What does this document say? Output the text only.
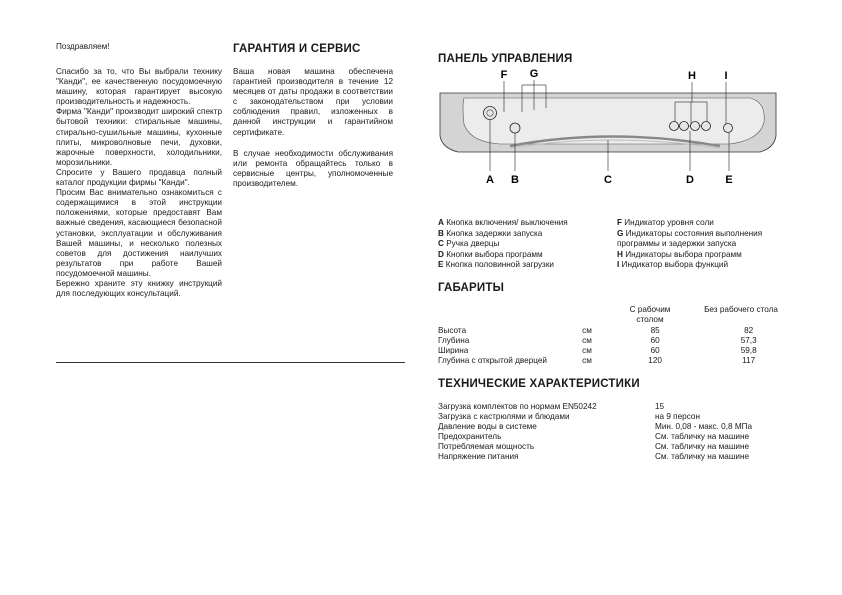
Поздравляем!

Спасибо за то, что Вы выбрали технику "Канди", ее качественную посудомоечную машину, которая гарантирует высокую производительность и надежность.

Фирма "Канди" производит широкий спектр бытовой техники: стиральные машины, стирально-сушильные машины, кухонные плиты, микроволновые печи, духовки, жарочные поверхности, холодильники, морозильники.

Спросите у Вашего продавца полный каталог продукции фирмы "Канди".

Просим Вас внимательно ознакомиться с содержащимися в этой инструкции положениями, которые предоставят Вам важные сведения, касающиеся безопасной установки, эксплуатации и обслуживания Вашей машины, и несколько полезных советов для достижения наилучших результатов при работе Вашей посудомоечной машины.

Бережно храните эту книжку инструкций для последующих консультаций.

ГАРАНТИЯ И СЕРВИС
Ваша новая машина обеспечена гарантией производителя в течение 12 месяцев от даты продажи в соответствии с законодательством при условии соблюдения правил, изложенных в данной инструкции и гарантийном сертификате.
В случае необходимости обслуживания или ремонта обращайтесь только в сервисные центры, уполномоченные производителем.
ПАНЕЛЬ УПРАВЛЕНИЯ
F G	H	I
A B	C	D	E
A Кнопка включения/ выключения
B Кнопка задержки запуска
C Ручка дверцы
D Кнопки выбора программ
E Кнопка половинной загрузки
F Индикатор уровня соли
G Индикаторы состояния выполнения
программы и задержки запуска
H Индикаторы выбора программ
I Индикатор выбора функций
ГАБАРИТЫ
С рабочим столом
Без рабочего стола
Высота	см	85	82
Глубина	см	60	57,3
Ширина	см	60	59,8
Глубина с открытой дверцей	см	120	117
ТЕХНИЧЕСКИЕ ХАРАКТЕРИСТИКИ
Загрузка комплектов по нормам EN50242	15
Загрузка с кастрюлями и блюдами	на 9 персон
Давление воды в системе	Мин. 0,08 - макс. 0,8 МПа
Предохранитель	См. табличку на машине
Потребляемая мощность	См. табличку на машине
Напряжение питания	См. табличку на машине
